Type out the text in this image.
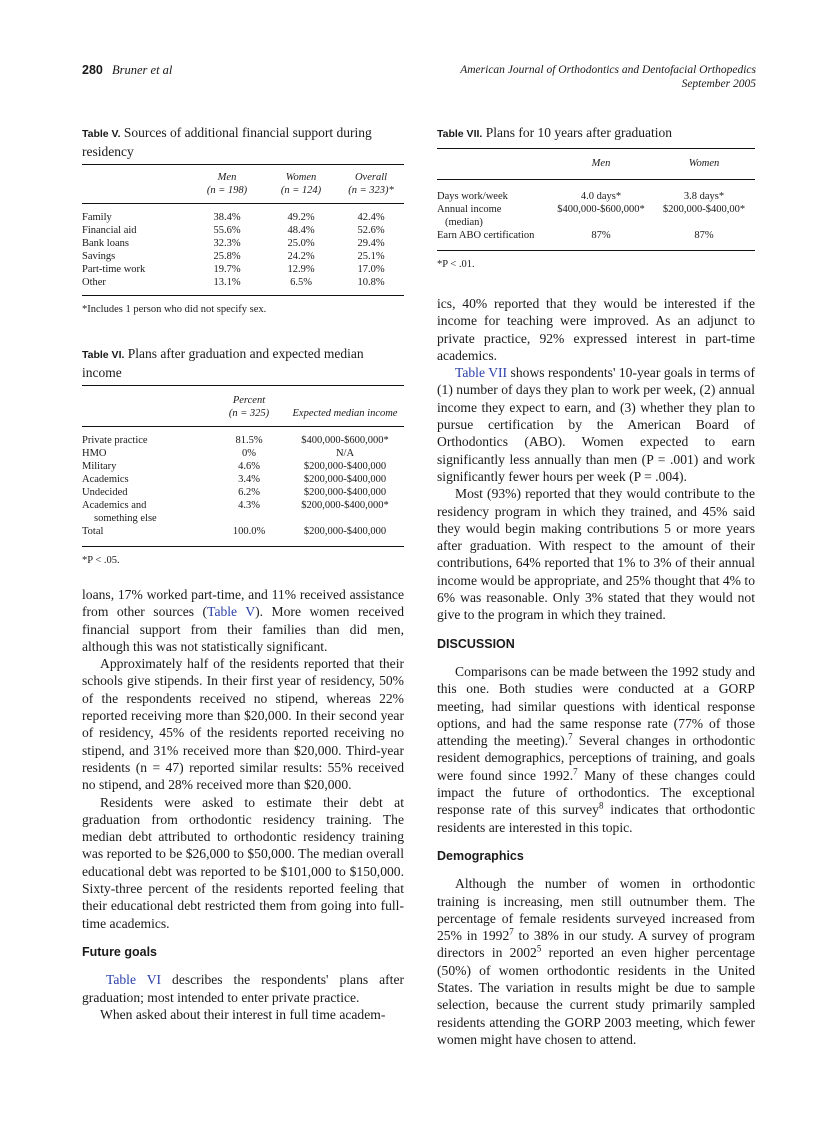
280 Bruner et al	American Journal of Orthodontics and Dentofacial Orthopedics
September 2005
Table V. Sources of additional financial support during residency
	Men	Women	Overall
	(n = 198)	(n = 124)	(n = 323)*
Family	38.4%	49.2%	42.4%
Financial aid	55.6%	48.4%	52.6%
Bank loans	32.3%	25.0%	29.4%
Savings	25.8%	24.2%	25.1%
Part-time work	19.7%	12.9%	17.0%
Other	13.1%	6.5%	10.8%

*Includes 1 person who did not specify sex.
Table VI. Plans after graduation and expected median income
	Percent	
	(n = 325)	Expected median income
Private practice	81.5%	$400,000-$600,000*
HMO	0%	N/A
Military	4.6%	$200,000-$400,000
Academics	3.4%	$200,000-$400,000
Undecided	6.2%	$200,000-$400,000
Academics and	4.3%	$200,000-$400,000*
something else		
Total	100.0%	$200,000-$400,000

*P < .05.
Table VII. Plans for 10 years after graduation
	Men	Women
Days work/week	4.0 days*	3.8 days*
Annual income	$400,000-$600,000*	$200,000-$400,00*
(median)		
Earn ABO certification	87%	87%

*P < .01.

loans, 17% worked part-time, and 11% received assistance from other sources (Table V). More women received financial support from their families than did men, although this was not statistically significant.

Approximately half of the residents reported that their schools give stipends. In their first year of residency, 50% of the respondents received no stipend, whereas 22% reported receiving more than $20,000. In their second year of residency, 45% of the residents reported receiving no stipend, and 31% received more than $20,000. Third-year residents (n = 47) reported similar results: 55% received no stipend, and 28% received more than $20,000.

Residents were asked to estimate their debt at graduation from orthodontic residency training. The median debt attributed to orthodontic residency training was reported to be $26,000 to $50,000. The median overall educational debt was reported to be $101,000 to $150,000. Sixty-three percent of the residents reported feeling that their educational debt restricted them from going into full-time academics.

Future goals

Table VI describes the respondents' plans after graduation; most intended to enter private practice.

When asked about their interest in full time academ-

ics, 40% reported that they would be interested if the income for teaching were improved. As an adjunct to private practice, 92% expressed interest in part-time academics.

Table VII shows respondents' 10-year goals in terms of (1) number of days they plan to work per week, (2) annual income they expect to earn, and (3) whether they plan to pursue certification by the American Board of Orthodontics (ABO). Women expected to earn significantly less annually than men (P = .001) and work significantly fewer hours per week (P = .004).

Most (93%) reported that they would contribute to the residency program in which they trained, and 45% said they would begin making contributions 5 or more years after graduation. With respect to the amount of their contributions, 64% reported that 1% to 3% of their annual income would be appropriate, and 25% thought that 4% to 6% was reasonable. Only 3% stated that they would not give to the program in which they trained.

DISCUSSION

Comparisons can be made between the 1992 study and this one. Both studies were conducted at a GORP meeting, had similar questions with identical response options, and had the same response rate (77% of those attending the meeting).$^7$ Several changes in orthodontic resident demographics, perceptions of training, and goals were found since 1992.$^7$ Many of these changes could impact the future of orthodontics. The exceptional response rate of this survey$^8$ indicates that orthodontic residents are interested in this topic.

Demographics

Although the number of women in orthodontic training is increasing, men still outnumber them. The percentage of female residents surveyed increased from 25% in 1992$^7$ to 38% in our study. A survey of program directors in 2002$^5$ reported an even higher percentage (50%) of women orthodontic residents in the United States. The variation in results might be due to sample selection, because the current study primarily sampled residents attending the GORP 2003 meeting, which fewer women might have chosen to attend.
